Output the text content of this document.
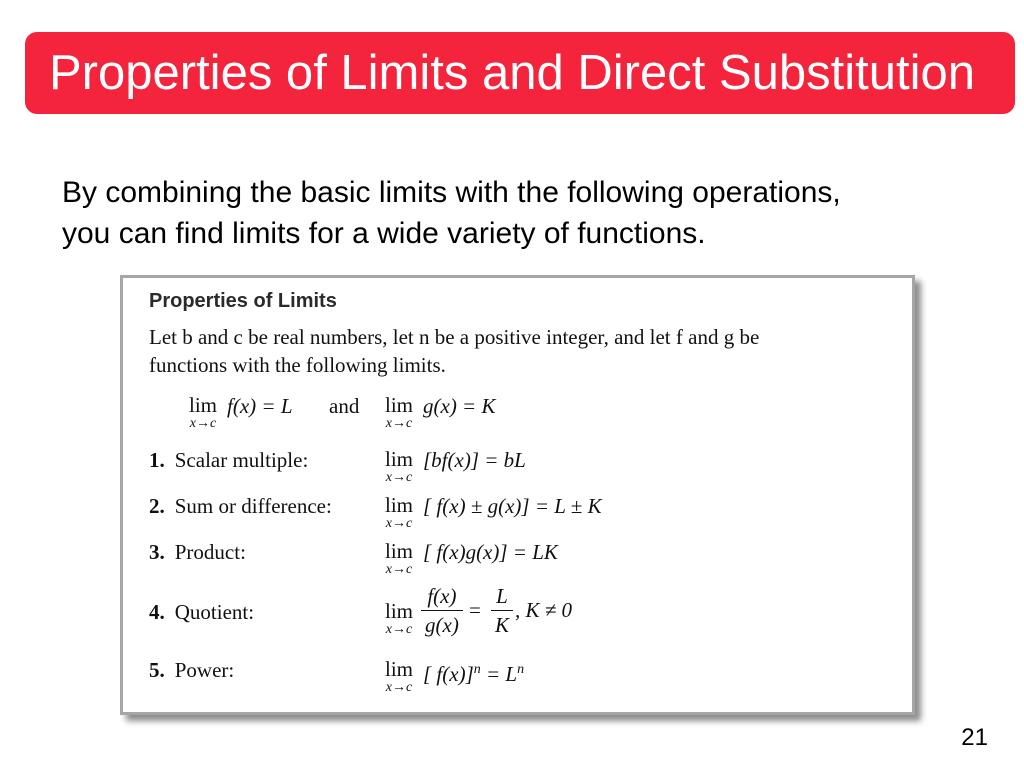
Properties of Limits and Direct Substitution
By combining the basic limits with the following operations,
you can find limits for a wide variety of functions.
Properties of Limits
Let b and c be real numbers, let n be a positive integer, and let f and g be
functions with the following limits.
lim
x→c
f(x) = L and lim
x→c
g(x) = K
1. Scalar multiple:	lim
x→c
[bf(x)] = bL
2. Sum or difference:	lim
x→c
[ f(x) ± g(x)] = L ± K
3. Product:	lim
x→c
[ f(x)g(x)] = LK
4. Quotient:	lim
$x\to c \frac{f(x)}{g(x)} = \frac{L}{K}$ , K ≠ 0
5. Power:	lim
x→c
[ $f(x)]^n = L^n$
21
